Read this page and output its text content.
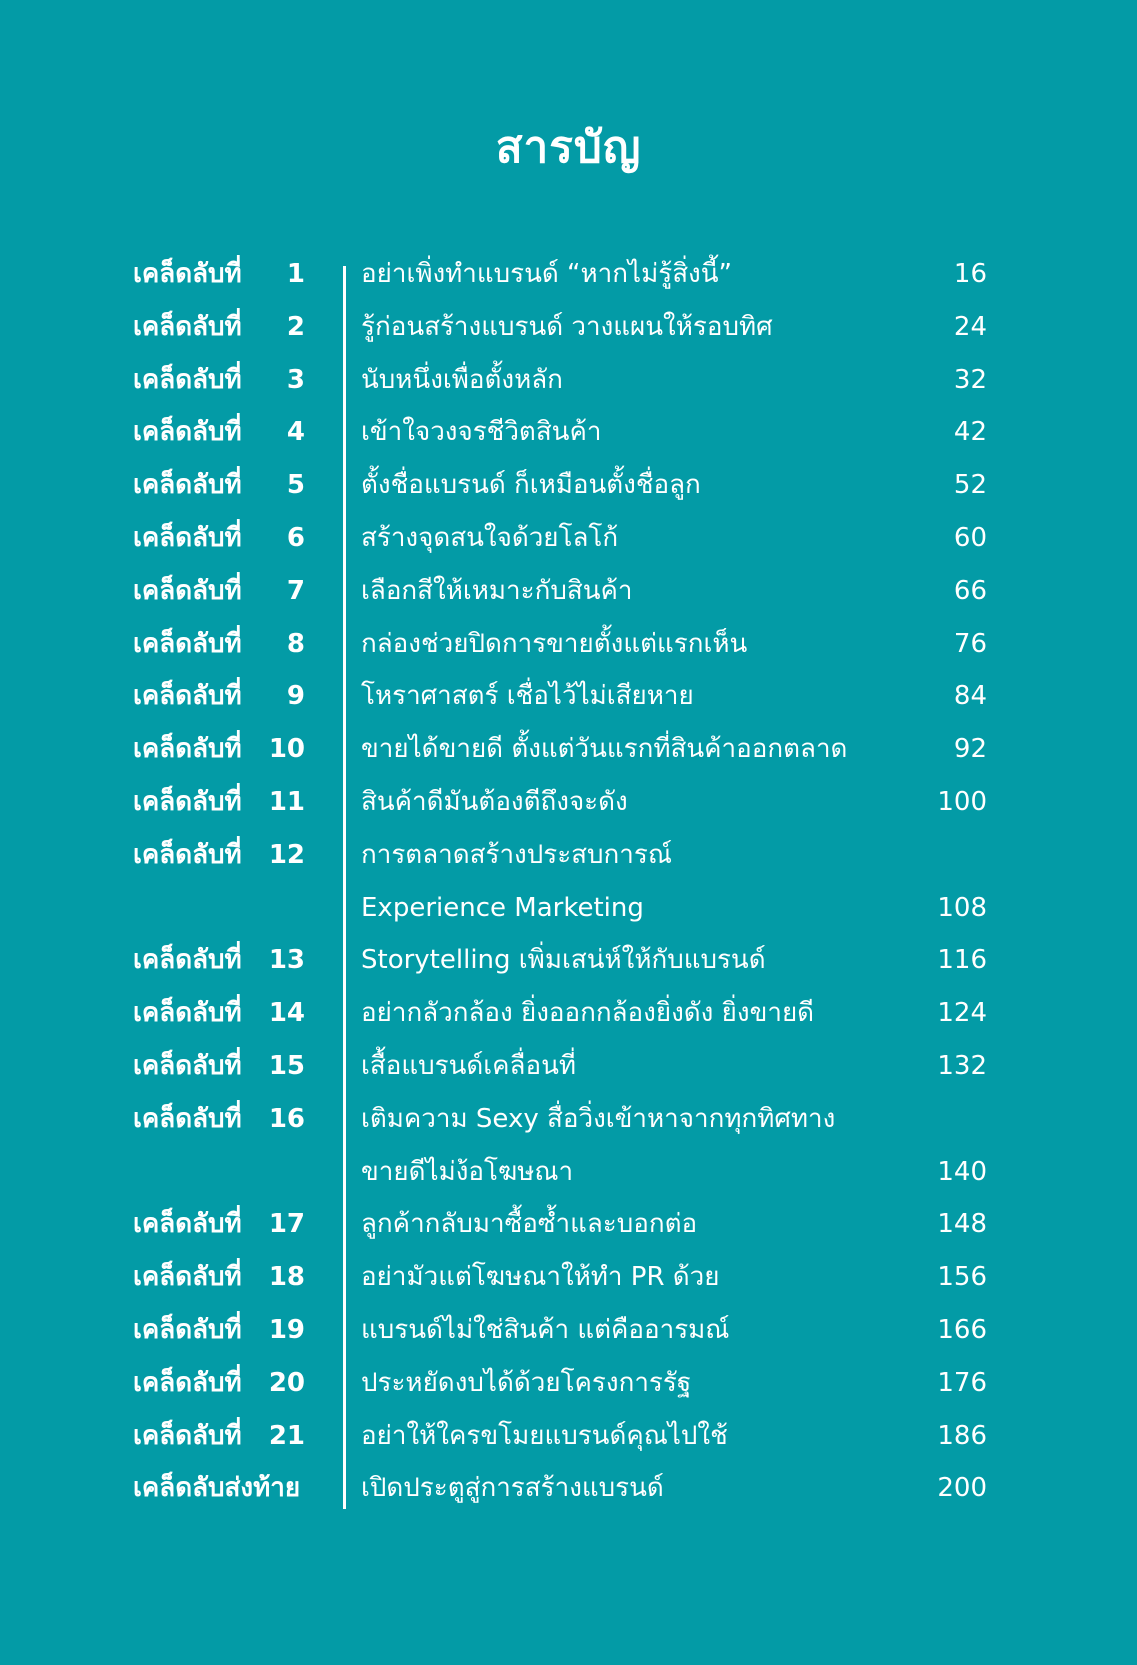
สารบัญ
เคล็ดลับที่ 1 อย่าเพิ่งทำแบรนด์ “หากไม่รู้สิ่งนี้”	16
เคล็ดลับที่ 2 รู้ก่อนสร้างแบรนด์ วางแผนให้รอบทิศ	24
เคล็ดลับที่ 3 นับหนึ่งเพื่อตั้งหลัก	32
เคล็ดลับที่ 4 เข้าใจวงจรชีวิตสินค้า	42
เคล็ดลับที่ 5 ตั้งชื่อแบรนด์ ก็เหมือนตั้งชื่อลูก	52
เคล็ดลับที่ 6 สร้างจุดสนใจด้วยโลโก้	60
เคล็ดลับที่ 7 เลือกสีให้เหมาะกับสินค้า	66
เคล็ดลับที่ 8 กล่องช่วยปิดการขายตั้งแต่แรกเห็น	76
เคล็ดลับที่ 9 โหราศาสตร์ เชื่อไว้ไม่เสียหาย	84
เคล็ดลับที่ 10 ขายได้ขายดี ตั้งแต่วันแรกที่สินค้าออกตลาด	92
เคล็ดลับที่ 11 สินค้าดีมันต้องตีถึงจะดัง	100
เคล็ดลับที่ 12 การตลาดสร้างประสบการณ์
Experience Marketing	108
เคล็ดลับที่ 13 Storytelling เพิ่มเสน่ห์ให้กับแบรนด์	116
เคล็ดลับที่ 14 อย่ากลัวกล้อง ยิ่งออกกล้องยิ่งดัง ยิ่งขายดี	124
เคล็ดลับที่ 15 เสื้อแบรนด์เคลื่อนที่	132
เคล็ดลับที่ 16 เติมความ Sexy สื่อวิ่งเข้าหาจากทุกทิศทาง
ขายดีไม่ง้อโฆษณา	140
เคล็ดลับที่ 17 ลูกค้ากลับมาซื้อซ้ำและบอกต่อ	148
เคล็ดลับที่ 18 อย่ามัวแต่โฆษณาให้ทำ PR ด้วย	156
เคล็ดลับที่ 19 แบรนด์ไม่ใช่สินค้า แต่คืออารมณ์	166
เคล็ดลับที่ 20 ประหยัดงบได้ด้วยโครงการรัฐ	176
เคล็ดลับที่ 21 อย่าให้ใครขโมยแบรนด์คุณไปใช้	186
เคล็ดลับส่งท้าย เปิดประตูสู่การสร้างแบรนด์	200
